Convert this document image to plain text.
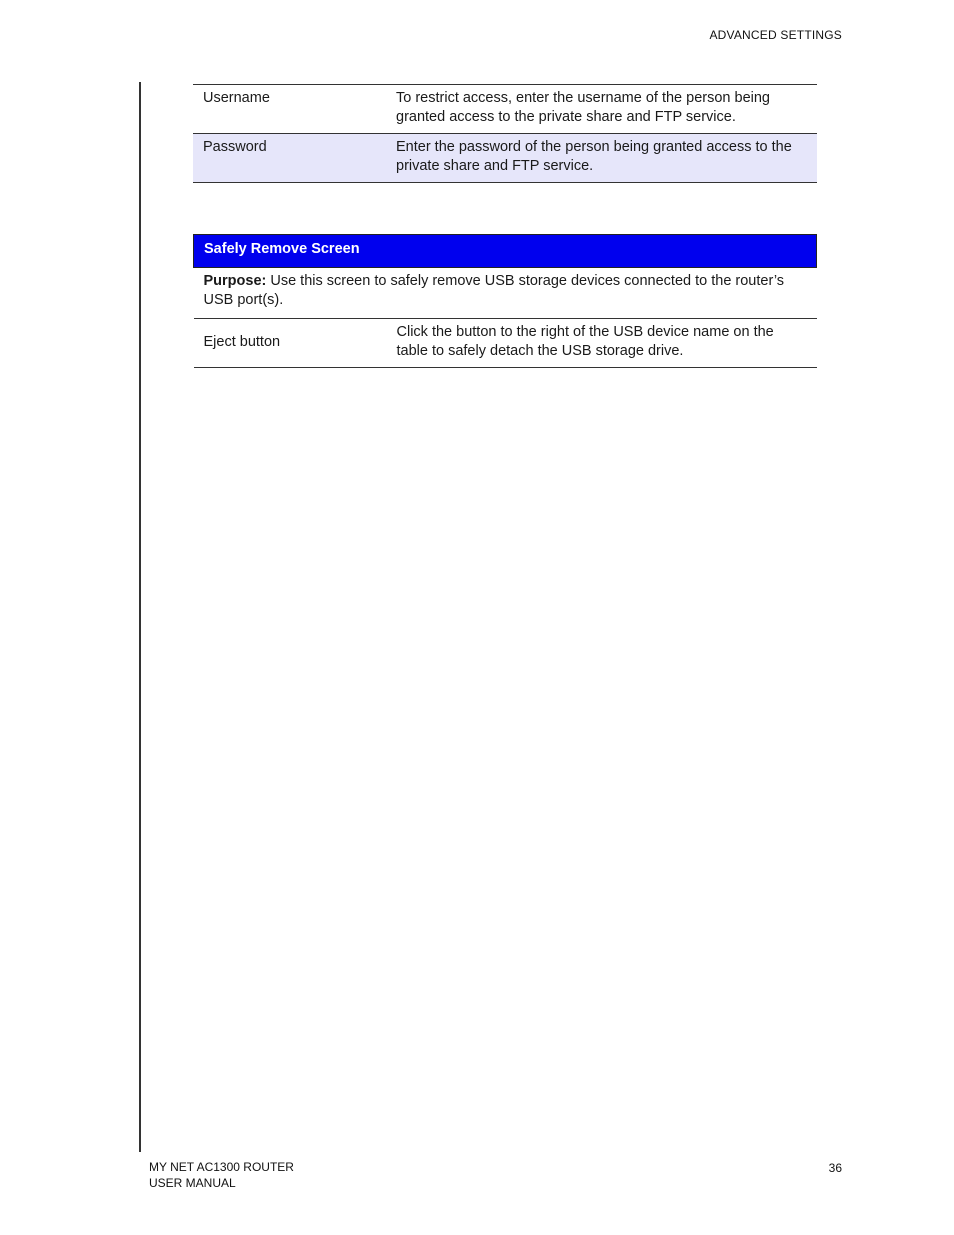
ADVANCED SETTINGS
Username	To restrict access, enter the username of the person being granted access to the private share and FTP service.
Password	Enter the password of the person being granted access to the private share and FTP service.
Safely Remove Screen
Purpose: Use this screen to safely remove USB storage devices connected to the router’s USB port(s).
Eject button	Click the button to the right of the USB device name on the table to safely detach the USB storage drive.
MY NET AC1300 ROUTER
USER MANUAL
36
